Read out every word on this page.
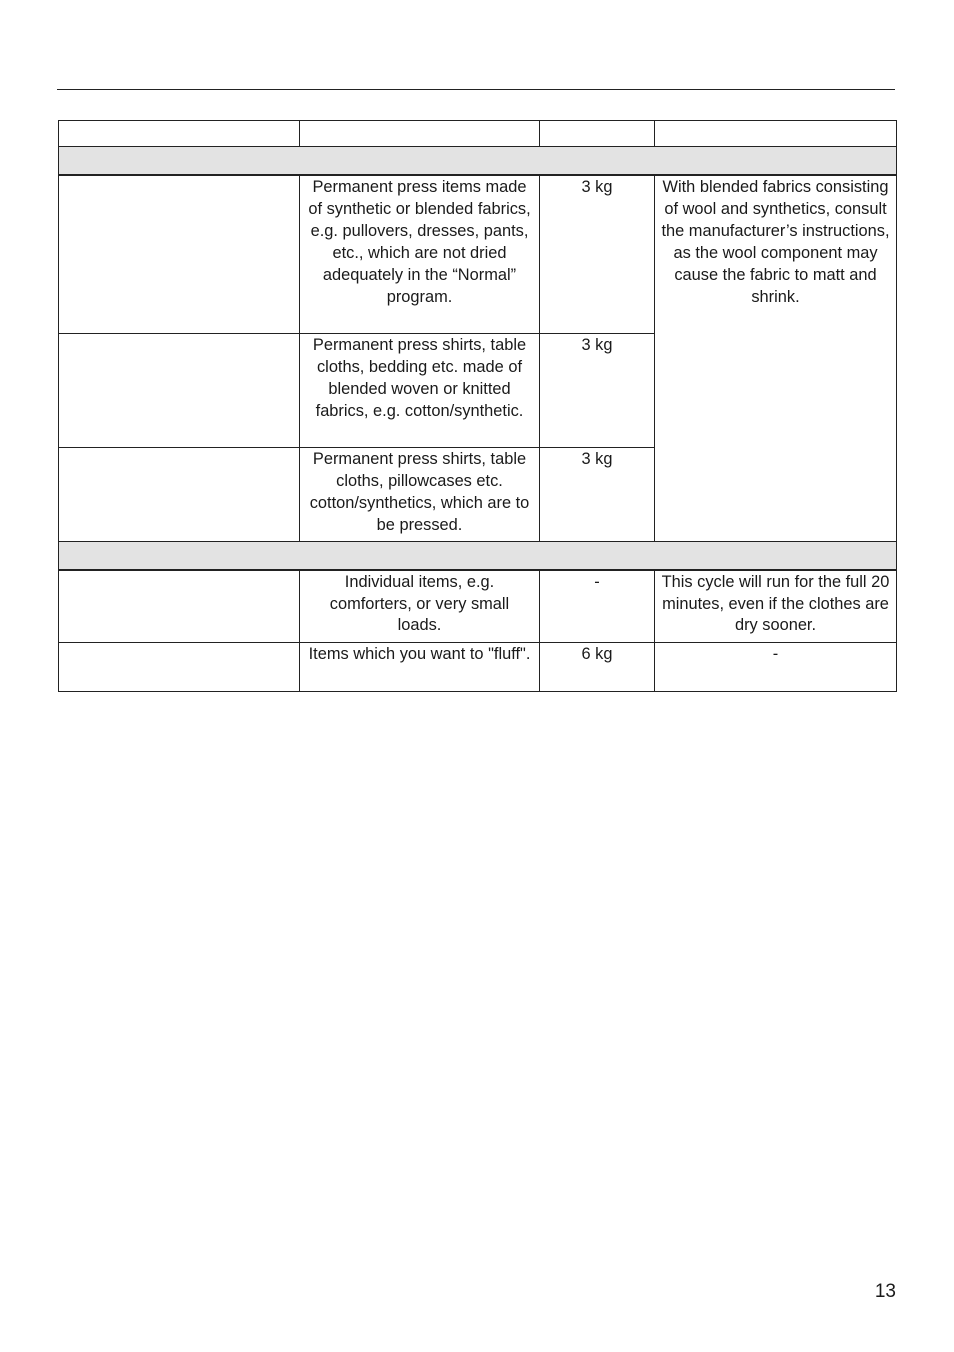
	Permanent press items made of synthetic or blended fabrics, e.g. pullovers, dresses, pants, etc., which are not dried adequately in the “Normal” program.	3 kg	With blended fabrics consisting of wool and synthetics, consult the manufacturer’s instructions, as the wool component may cause the fabric to matt and shrink.
	Permanent press shirts, table cloths, bedding etc. made of blended woven or knitted fabrics, e.g. cotton/synthetic.	3 kg	
	Permanent press shirts, table cloths, pillowcases etc. cotton/synthetics, which are to be pressed.	3 kg	

	Individual items, e.g. comforters, or very small loads.	-	This cycle will run for the full 20 minutes, even if the clothes are dry sooner.
	Items which you want to "fluff".	6 kg	-
13
